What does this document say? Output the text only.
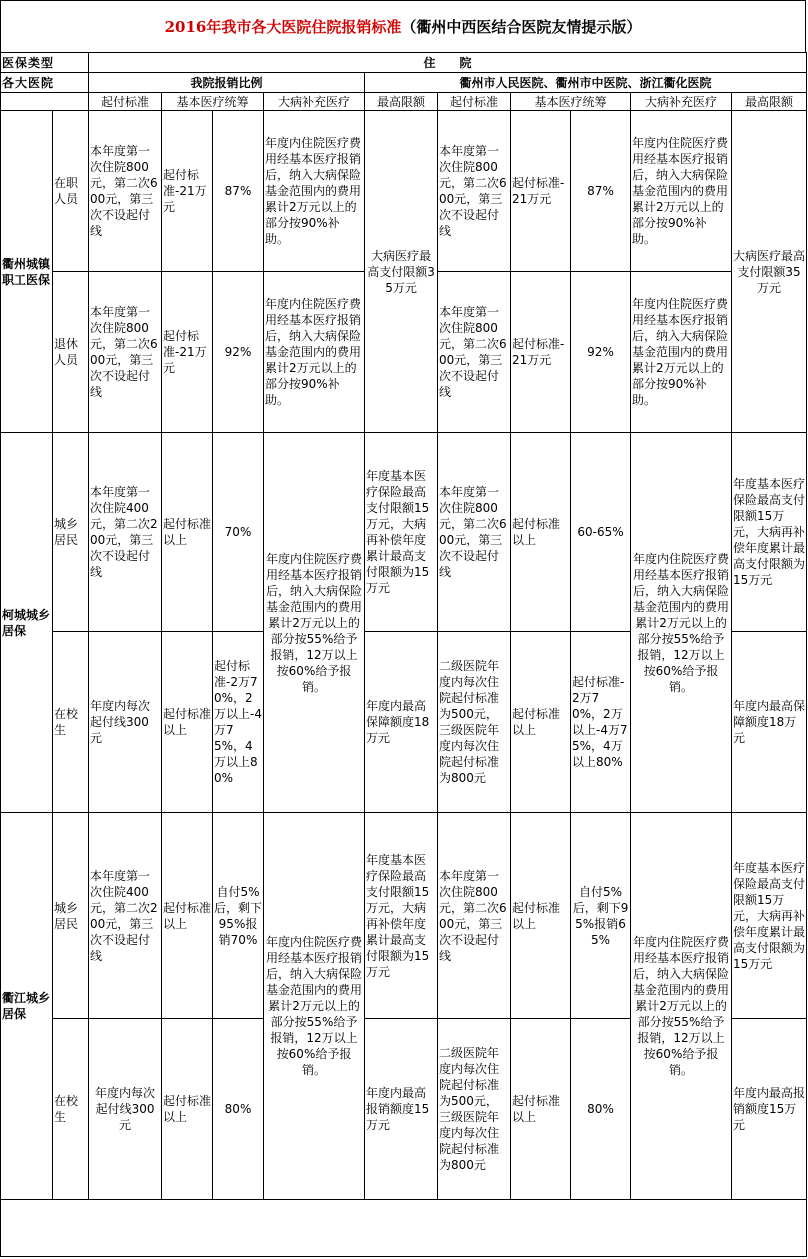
2016年我市各大医院住院报销标准 （衢州中西医结合医院友情提示版）
医保类型		住　　院									
各大医院		我院报销比例				衢州市人民医院、衢州市中医院、浙江衢化医院					
		起付标准	基本医疗统筹		大病补充医疗	最高限额	起付标准	基本医疗统筹		大病补充医疗	最高限额
衢州城镇职工医保	在职人员	本年度第一次住院800元，第二次600元，第三次不设起付线	起付标准-21万元	87%	年度内住院医疗费用经基本医疗报销后，纳入大病保险基金范围内的费用累计2万元以上的部分按90%补助。	大病医疗最高支付限额35万元	本年度第一次住院800元，第二次600元，第三次不设起付线	起付标准-21万元	87%	年度内住院医疗费用经基本医疗报销后，纳入大病保险基金范围内的费用累计2万元以上的部分按90%补助。	大病医疗最高支付限额35万元
	退休人员	本年度第一次住院800元，第二次600元，第三次不设起付线	起付标准-21万元	92%	年度内住院医疗费用经基本医疗报销后，纳入大病保险基金范围内的费用累计2万元以上的部分按90%补助。		本年度第一次住院800元，第二次600元，第三次不设起付线	起付标准-21万元	92%	年度内住院医疗费用经基本医疗报销后，纳入大病保险基金范围内的费用累计2万元以上的部分按90%补助。	
柯城城乡居保	城乡居民	本年度第一次住院400元，第二次200元，第三次不设起付线	起付标准以上	70%	年度内住院医疗费用经基本医疗报销后，纳入大病保险基金范围内的费用累计2万元以上的部分按55%给予报销，12万以上按60%给予报销。	年度基本医疗保险最高支付限额15万元，大病再补偿年度累计最高支付限额为15万元	本年度第一次住院800元，第二次600元，第三次不设起付线	起付标准以上	60-65%	年度内住院医疗费用经基本医疗报销后，纳入大病保险基金范围内的费用累计2万元以上的部分按55%给予报销，12万以上按60%给予报销。	年度基本医疗保险最高支付限额15万元，大病再补偿年度累计最高支付限额为15万元
	在校生	年度内每次起付线300元	起付标准以上	起付标准-2万70%，2万以上-4万75%，4万以上80%		年度内最高保障额度18万元	二级医院年度内每次住院起付标准为500元，三级医院年度内每次住院起付标准为800元	起付标准以上	起付标准-2万70%，2万以上-4万75%，4万以上80%		年度内最高保障额度18万元
衢江城乡居保	城乡居民	本年度第一次住院400元，第二次200元，第三次不设起付线	起付标准以上	自付5%后，剩下95%报销70%	年度内住院医疗费用经基本医疗报销后，纳入大病保险基金范围内的费用累计2万元以上的部分按55%给予报销，12万以上按60%给予报销。	年度基本医疗保险最高支付限额15万元，大病再补偿年度累计最高支付限额为15万元	本年度第一次住院800元，第二次600元，第三次不设起付线	起付标准以上	自付5%后，剩下95%报销65%	年度内住院医疗费用经基本医疗报销后，纳入大病保险基金范围内的费用累计2万元以上的部分按55%给予报销，12万以上按60%给予报销。	年度基本医疗保险最高支付限额15万元，大病再补偿年度累计最高支付限额为15万元
	在校生	年度内每次起付线300元	起付标准以上	80%		年度内最高报销额度15万元	二级医院年度内每次住院起付标准为500元，三级医院年度内每次住院起付标准为800元	起付标准以上	80%		年度内最高报销额度15万元
